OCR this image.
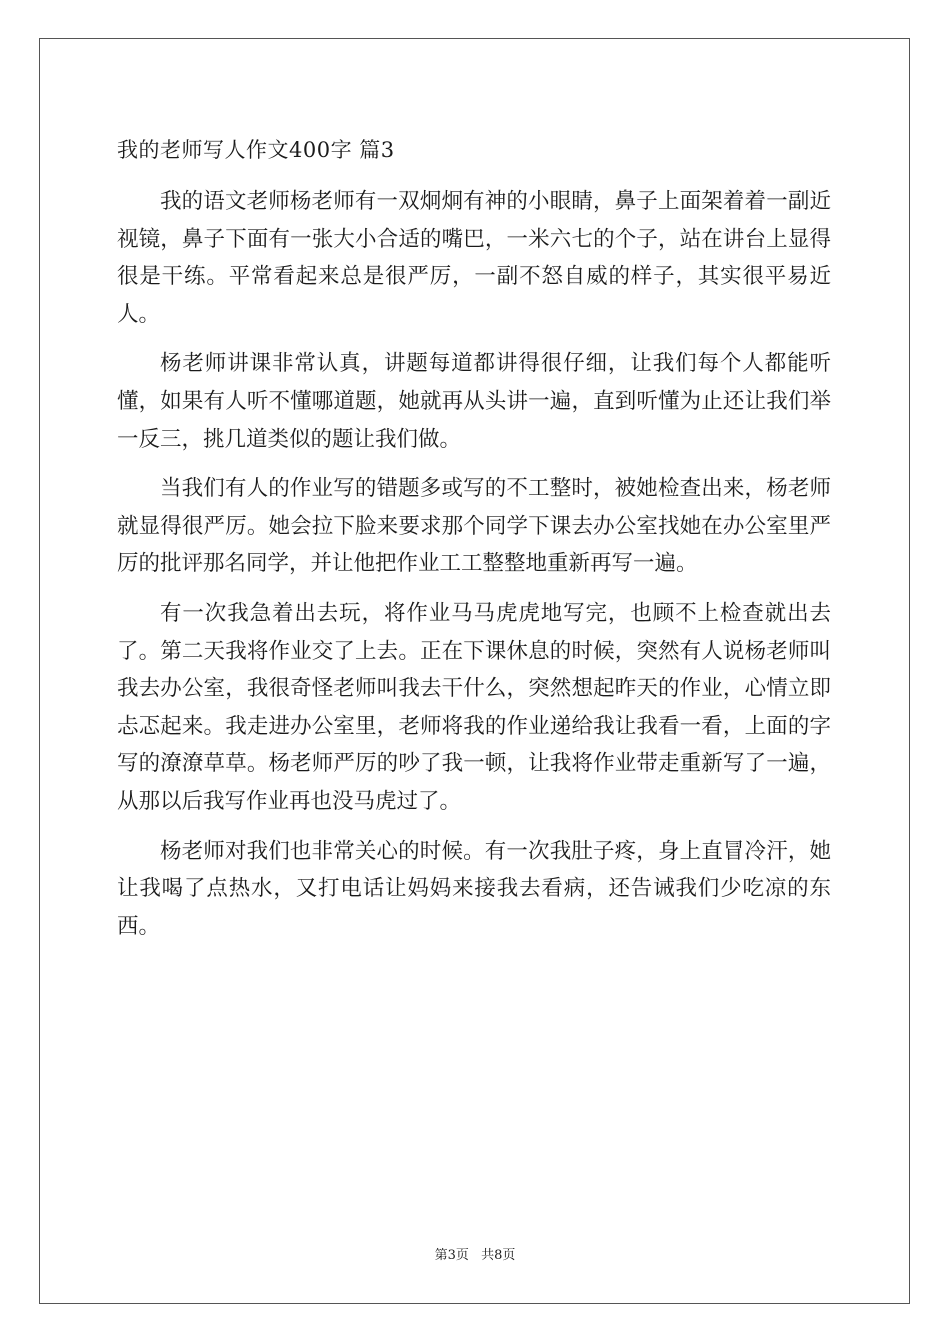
我的老师写人作文400字 篇3

我的语文老师杨老师有一双炯炯有神的小眼睛，鼻子上面架着着一副近视镜，鼻子下面有一张大小合适的嘴巴，一米六七的个子，站在讲台上显得很是干练。平常看起来总是很严厉，一副不怒自威的样子，其实很平易近人。

杨老师讲课非常认真，讲题每道都讲得很仔细，让我们每个人都能听懂，如果有人听不懂哪道题，她就再从头讲一遍，直到听懂为止还让我们举一反三，挑几道类似的题让我们做。

当我们有人的作业写的错题多或写的不工整时，被她检查出来，杨老师就显得很严厉。她会拉下脸来要求那个同学下课去办公室找她在办公室里严厉的批评那名同学，并让他把作业工工整整地重新再写一遍。

有一次我急着出去玩，将作业马马虎虎地写完，也顾不上检查就出去了。第二天我将作业交了上去。正在下课休息的时候，突然有人说杨老师叫我去办公室，我很奇怪老师叫我去干什么，突然想起昨天的作业，心情立即忐忑起来。我走进办公室里，老师将我的作业递给我让我看一看，上面的字写的潦潦草草。杨老师严厉的吵了我一顿，让我将作业带走重新写了一遍，从那以后我写作业再也没马虎过了。

杨老师对我们也非常关心的时候。有一次我肚子疼，身上直冒冷汗，她让我喝了点热水，又打电话让妈妈来接我去看病，还告诫我们少吃凉的东西。

第3页 共8页
